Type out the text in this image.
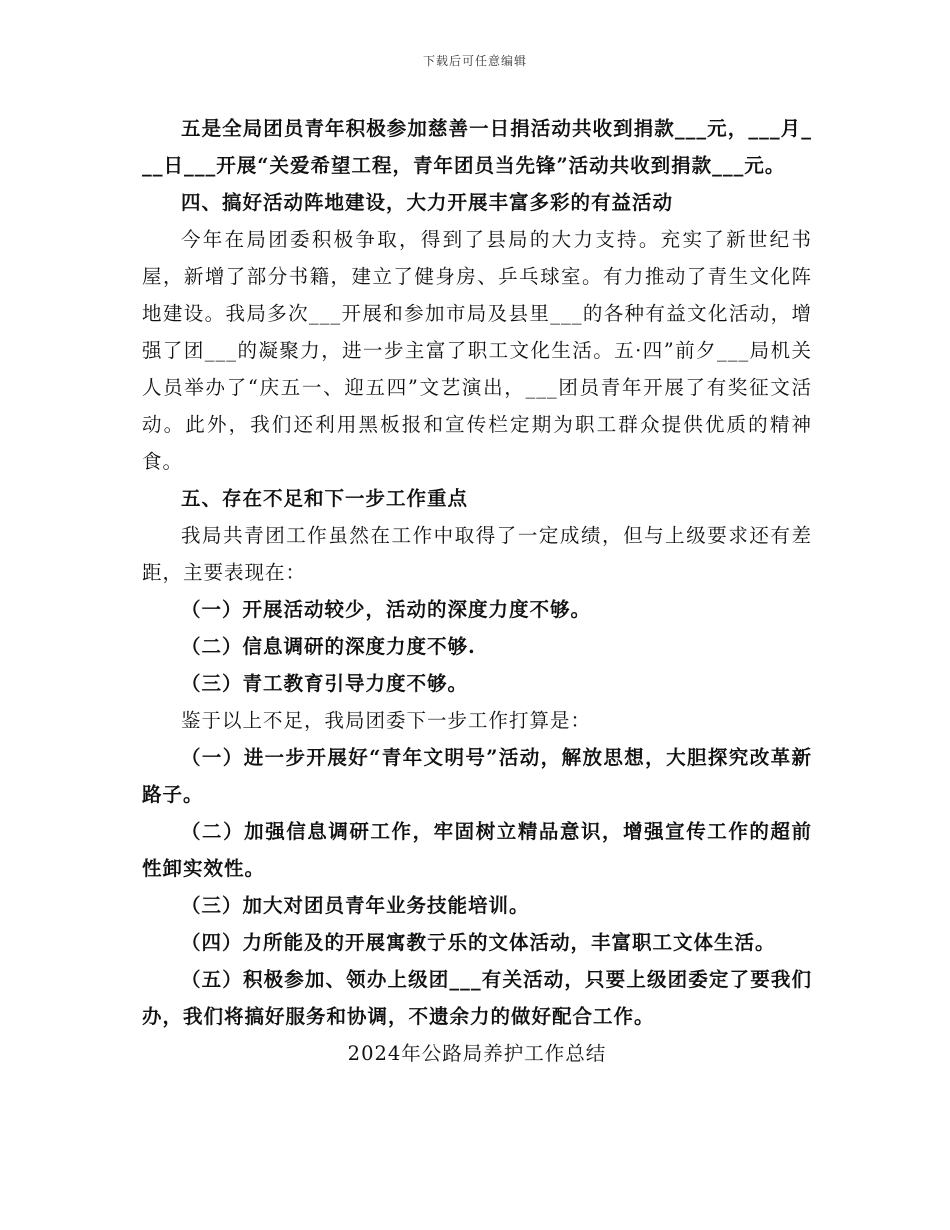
下载后可任意编辑

五是全局团员青年积极参加慈善一日捐活动共收到捐款___元，___月___日___开展“关爱希望工程，青年团员当先锋”活动共收到捐款___元。

四、搞好活动阵地建设，大力开展丰富多彩的有益活动

今年在局团委积极争取，得到了县局的大力支持。充实了新世纪书屋，新增了部分书籍，建立了健身房、乒乓球室。有力推动了青生文化阵地建设。我局多次___开展和参加市局及县里___的各种有益文化活动，增强了团___的凝聚力，进一步主富了职工文化生活。五·四”前夕___局机关人员举办了“庆五一、迎五四”文艺演出，___团员青年开展了有奖征文活动。此外，我们还利用黑板报和宣传栏定期为职工群众提供优质的精神食。

五、存在不足和下一步工作重点

我局共青团工作虽然在工作中取得了一定成绩，但与上级要求还有差距，主要表现在：

（一）开展活动较少，活动的深度力度不够。

（二）信息调研的深度力度不够.

（三）青工教育引导力度不够。

鉴于以上不足，我局团委下一步工作打算是：

（一）进一步开展好“青年文明号”活动，解放思想，大胆探究改革新路子。

（二）加强信息调研工作，牢固树立精品意识，增强宣传工作的超前性卸实效性。

（三）加大对团员青年业务技能培训。

（四）力所能及的开展寓教亍乐的文体活动，丰富职工文体生活。

（五）积极参加、领办上级团___有关活动，只要上级团委定了要我们办，我们将搞好服务和协调，不遗余力的做好配合工作。

2024年公路局养护工作总结
